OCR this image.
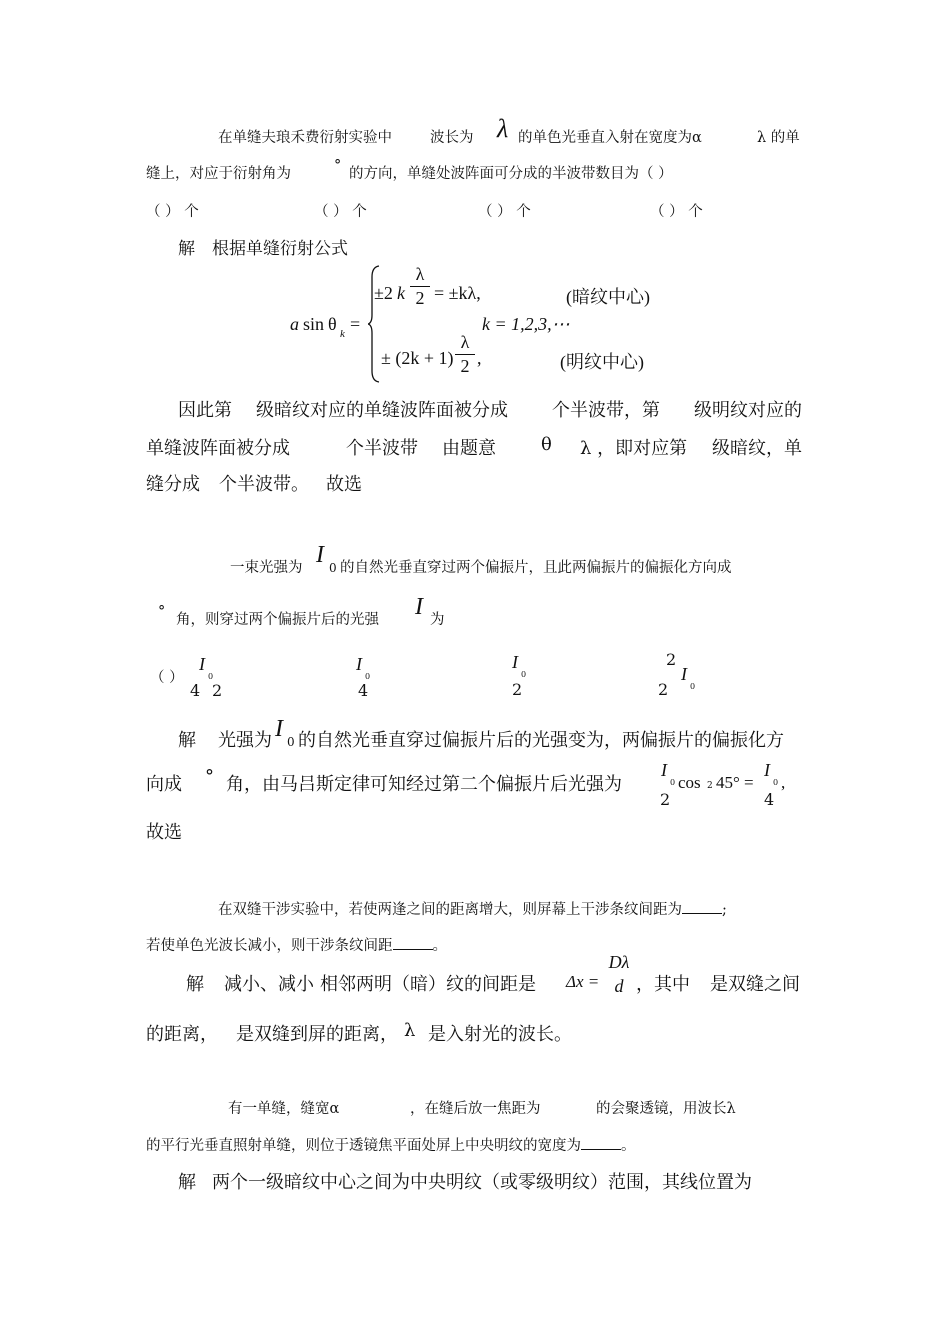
在单缝夫琅禾费衍射实验中	波长为 λ 的单色光垂直入射在宽度为α	λ 的单
缝上，对应于衍射角为	° 的方向，单缝处波阵面可分成的半波带数目为（ ）
（ ） 个	（ ） 个	（ ） 个	（ ） 个
解 根据单缝衍射公式
a sin θ k =
±2 k
λ
2 = ±kλ,	(暗纹中心)
k = 1,2,3,⋯
± (2k + 1)
λ
2 ,	(明纹中心)
因此第 级暗纹对应的单缝波阵面被分成 个半波带，第 级明纹对应的
单缝波阵面被分成	个半波带 由题意	θ λ ，即对应第 级暗纹，单
缝分成 个半波带。 故选
一束光强为 I 0 的自然光垂直穿过两个偏振片，且此两偏振片的偏振化方向成
° 角，则穿过两个偏振片后的光强 I 为
（ ）
I
0
4 2
I
0
4
I
0
2
2
2
I
0
解 光强为 I 0 的自然光垂直穿过偏振片后的光强变为，两偏振片的偏振化方
向成 ° 角，由马吕斯定律可知经过第二个偏振片后光强为
I
0
2
cos 2 45° =
I
0
4
,
故选
在双缝干涉实验中，若使两逢之间的距离增大，则屏幕上干涉条纹间距为	;
若使单色光波长减小，则干涉条纹间距	。
解 减小、减小 相邻两明（暗）纹的间距是 Δx =
Dλ
d ，其中 是双缝之间
的距离， 是双缝到屏的距离， λ 是入射光的波长。
有一单缝，缝宽α	，在缝后放一焦距为	的会聚透镜，用波长λ
的平行光垂直照射单缝，则位于透镜焦平面处屏上中央明纹的宽度为	。
解 两个一级暗纹中心之间为中央明纹（或零级明纹）范围，其线位置为
